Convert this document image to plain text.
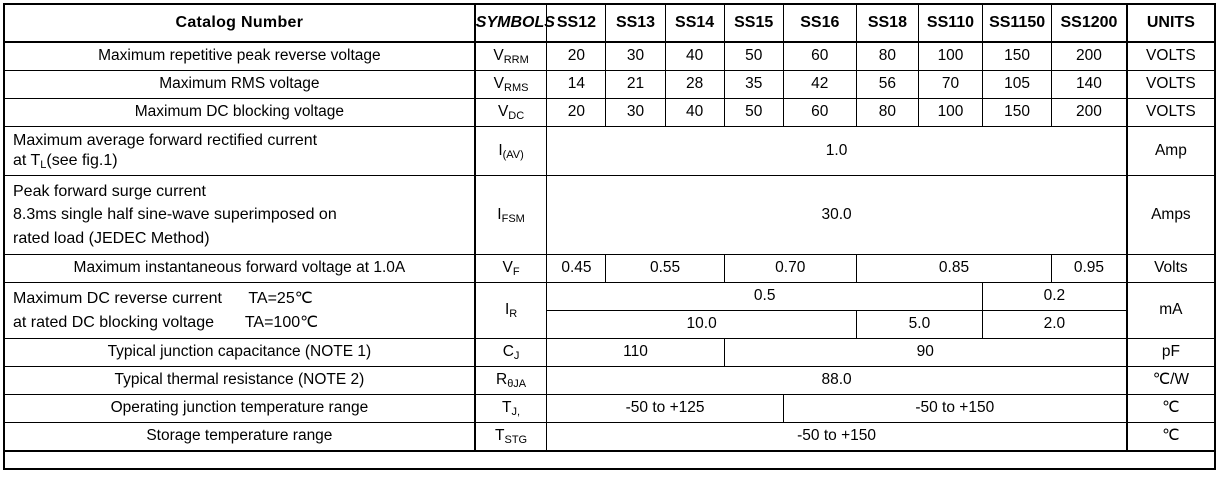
Catalog Number	SYMBOLS	SS12	SS13	SS14	SS15	SS16	SS18	SS110	SS1150	SS1200	UNITS
Maximum repetitive peak reverse voltage	VRRM	20	30	40	50	60	80	100	150	200	VOLTS
Maximum RMS voltage	VRMS	14	21	28	35	42	56	70	105	140	VOLTS
Maximum DC blocking voltage	VDC	20	30	40	50	60	80	100	150	200	VOLTS

Maximum average forward rectified current
at TL(see fig.1)	I(AV)	1.0									Amp

Peak forward surge current
8.3ms single half sine-wave superimposed on
rated load (JEDEC Method)	IFSM	30.0									Amps
Maximum instantaneous forward voltage at 1.0A	VF	0.45	0.55		0.70		0.85			0.95	Volts

Maximum DC reverse current TA=25℃
at rated DC blocking voltage TA=100℃	IR	0.5							0.2		mA
		10.0					5.0		2.0		
Typical junction capacitance (NOTE 1)	CJ	110			90						pF
Typical thermal resistance (NOTE 2)	RθJA	88.0									℃/W
Operating junction temperature range	TJ,	-50 to +125				-50 to +150					℃
Storage temperature range	TSTG	-50 to +150									℃
